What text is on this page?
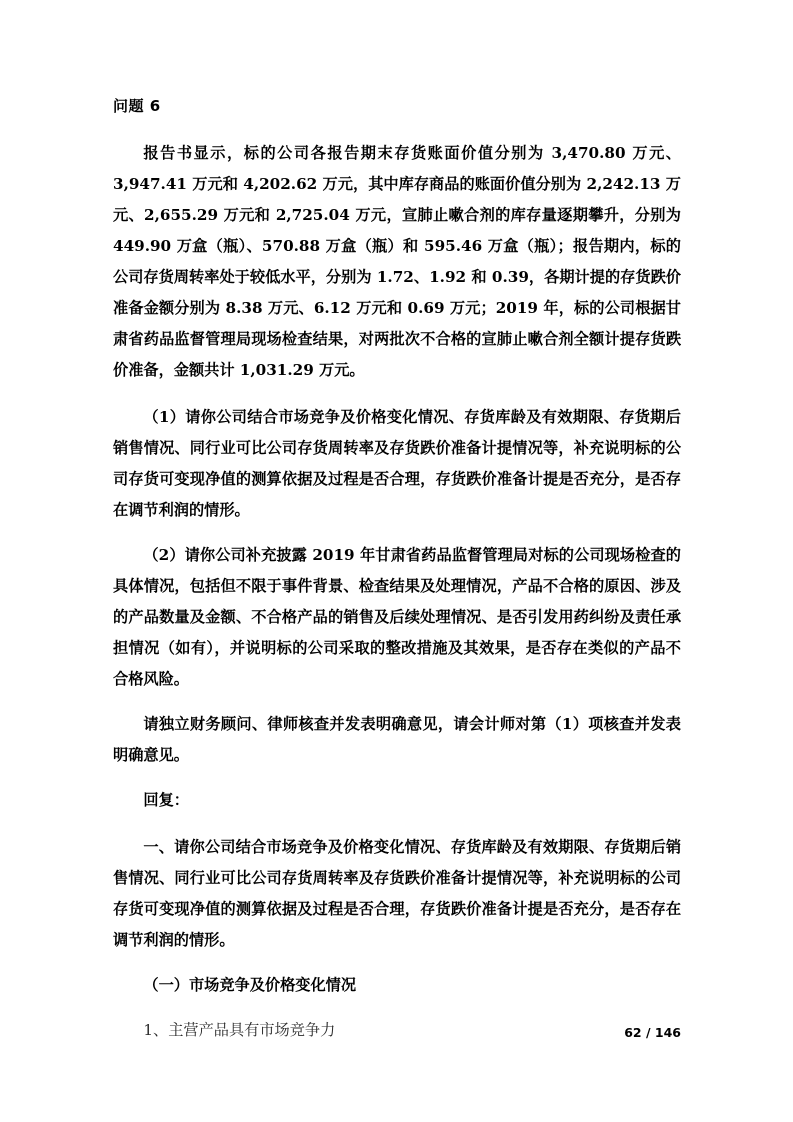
问题 6

报告书显示，标的公司各报告期末存货账面价值分别为 3,470.80 万元、3,947.41 万元和 4,202.62 万元，其中库存商品的账面价值分别为 2,242.13 万元、2,655.29 万元和 2,725.04 万元，宣肺止嗽合剂的库存量逐期攀升，分别为 449.90 万盒（瓶）、570.88 万盒（瓶）和 595.46 万盒（瓶）；报告期内，标的公司存货周转率处于较低水平，分别为 1.72、1.92 和 0.39，各期计提的存货跌价准备金额分别为 8.38 万元、6.12 万元和 0.69 万元；2019 年，标的公司根据甘肃省药品监督管理局现场检查结果，对两批次不合格的宣肺止嗽合剂全额计提存货跌价准备，金额共计 1,031.29 万元。

（1）请你公司结合市场竞争及价格变化情况、存货库龄及有效期限、存货期后销售情况、同行业可比公司存货周转率及存货跌价准备计提情况等，补充说明标的公司存货可变现净值的测算依据及过程是否合理，存货跌价准备计提是否充分，是否存在调节利润的情形。

（2）请你公司补充披露 2019 年甘肃省药品监督管理局对标的公司现场检查的具体情况，包括但不限于事件背景、检查结果及处理情况，产品不合格的原因、涉及的产品数量及金额、不合格产品的销售及后续处理情况、是否引发用药纠纷及责任承担情况（如有），并说明标的公司采取的整改措施及其效果，是否存在类似的产品不合格风险。

请独立财务顾问、律师核查并发表明确意见，请会计师对第（1）项核查并发表明确意见。

回复：

一、请你公司结合市场竞争及价格变化情况、存货库龄及有效期限、存货期后销售情况、同行业可比公司存货周转率及存货跌价准备计提情况等，补充说明标的公司存货可变现净值的测算依据及过程是否合理，存货跌价准备计提是否充分，是否存在调节利润的情形。

（一）市场竞争及价格变化情况

1、主营产品具有市场竞争力	62 / 146
